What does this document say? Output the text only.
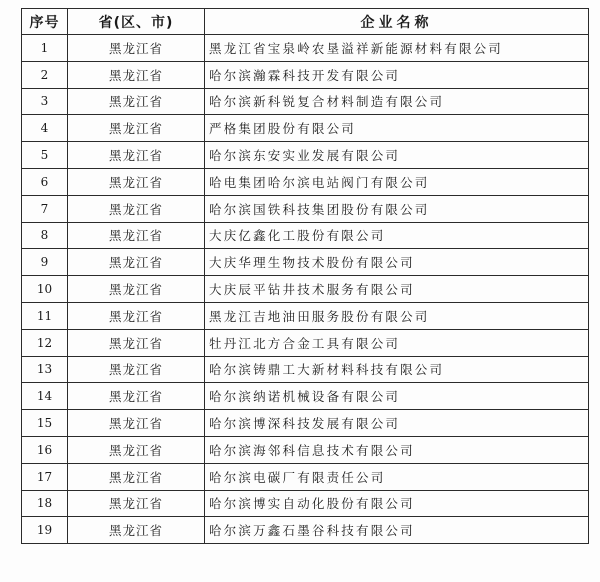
序号	省(区、市)	企业名称
1	黑龙江省	黑龙江省宝泉岭农垦溢祥新能源材料有限公司
2	黑龙江省	哈尔滨瀚霖科技开发有限公司
3	黑龙江省	哈尔滨新科锐复合材料制造有限公司
4	黑龙江省	严格集团股份有限公司
5	黑龙江省	哈尔滨东安实业发展有限公司
6	黑龙江省	哈电集团哈尔滨电站阀门有限公司
7	黑龙江省	哈尔滨国铁科技集团股份有限公司
8	黑龙江省	大庆亿鑫化工股份有限公司
9	黑龙江省	大庆华理生物技术股份有限公司
10	黑龙江省	大庆辰平钻井技术服务有限公司
11	黑龙江省	黑龙江吉地油田服务股份有限公司
12	黑龙江省	牡丹江北方合金工具有限公司
13	黑龙江省	哈尔滨铸鼎工大新材料科技有限公司
14	黑龙江省	哈尔滨纳诺机械设备有限公司
15	黑龙江省	哈尔滨博深科技发展有限公司
16	黑龙江省	哈尔滨海邻科信息技术有限公司
17	黑龙江省	哈尔滨电碳厂有限责任公司
18	黑龙江省	哈尔滨博实自动化股份有限公司
19	黑龙江省	哈尔滨万鑫石墨谷科技有限公司
